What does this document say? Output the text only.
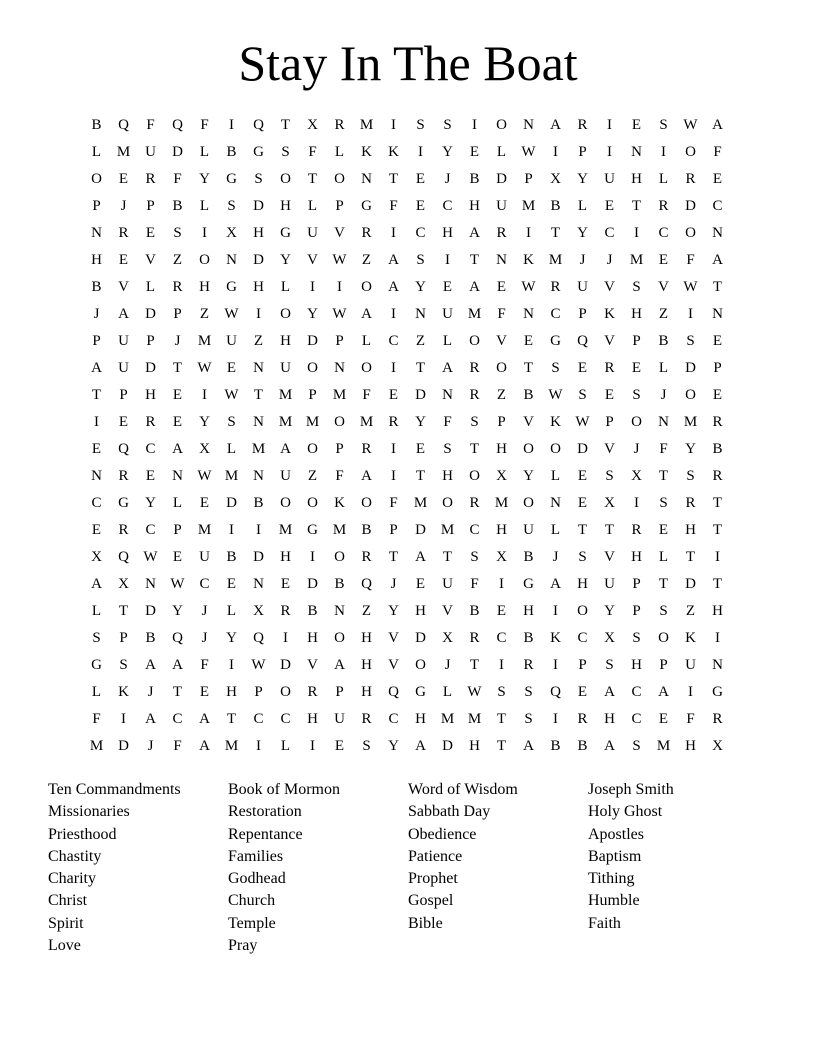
Stay In The Boat
B	Q	F	Q	F	I	Q	T	X	R	M	I	S	S	I	O	N	A	R	I	E	S	W A
L	M U	D	L	B	G	S	F	L	K	K	I	Y	E	L	W	I	P	I	N	I	O	F
O	E	R	F	Y	G	S	O	T	O	N	T	E	J	B	D	P	X	Y	U	H	L	R	E
P	J	P	B	L	S	D	H	L	P	G	F	E	C	H	U M	B	L	E	T	R	D	C
N	R	E	S	I	X	H	G	U	V	R	I	C	H	A	R	I	T	Y	C	I	C	O	N
H	E	V	Z	O	N	D	Y	V W	Z	A	S	I	T	N	K M	J	J	M	E	F	A
B	V	L	R	H	G	H	L	I	I	O	A	Y	E	A	E	W R	U	V	S	V W	T
J	A	D	P	Z	W	I	O	Y W A	I	N	U M	F	N	C	P	K	H	Z	I	N
P	U	P	J	M U	Z	H	D	P	L	C	Z	L	O	V	E	G	Q	V	P	B	S	E
A	U	D	T	W	E	N	U	O	N	O	I	T	A	R	O	T	S	E	R	E	L	D	P
T	P	H	E	I	W	T	M	P	M	F	E	D	N	R	Z	B W	S	E	S	J	O	E
I	E	R	E	Y	S	N M M O M	R	Y	F	S	P	V	K W	P	O	N M	R
E	Q	C	A	X	L	M A	O	P	R	I	E	S	T	H	O	O	D	V	J	F	Y	B
N	R	E	N W M N	U	Z	F	A	I	T	H	O	X	Y	L	E	S	X	T	S	R
C	G	Y	L	E	D	B	O	O	K	O	F	M O	R	M O	N	E	X	I	S	R	T
E	R	C	P	M	I	I	M G M	B	P	D M	C	H	U	L	T	T	R	E	H	T
X	Q W	E	U	B	D	H	I	O	R	T	A	T	S	X	B	J	S	V	H	L	T	I
A	X	N W C	E	N	E	D	B	Q	J	E	U	F	I	G	A	H	U	P	T	D	T
L	T	D	Y	J	L	X	R	B	N	Z	Y	H	V	B	E	H	I	O	Y	P	S	Z	H
S	P	B	Q	J	Y	Q	I	H	O	H	V	D	X	R	C	B	K	C	X	S	O	K	I
G	S	A	A	F	I	W D	V	A	H	V	O	J	T	I	R	I	P	S	H	P	U	N
L	K	J	T	E	H	P	O	R	P	H	Q	G	L	W	S	S	Q	E	A	C	A	I	G
F	I	A	C	A	T	C	C	H	U	R	C	H M M	T	S	I	R	H	C	E	F	R
M D	J	F	A M	I	L	I	E	S	Y	A	D	H	T	A	B	B	A	S	M H	X
Ten Commandments	Book of Mormon	Word of Wisdom	Joseph Smith
Missionaries	Restoration	Sabbath Day	Holy Ghost
Priesthood	Repentance	Obedience	Apostles
Chastity	Families	Patience	Baptism
Charity	Godhead	Prophet	Tithing
Christ	Church	Gospel	Humble
Spirit	Temple	Bible	Faith
Love	Pray
